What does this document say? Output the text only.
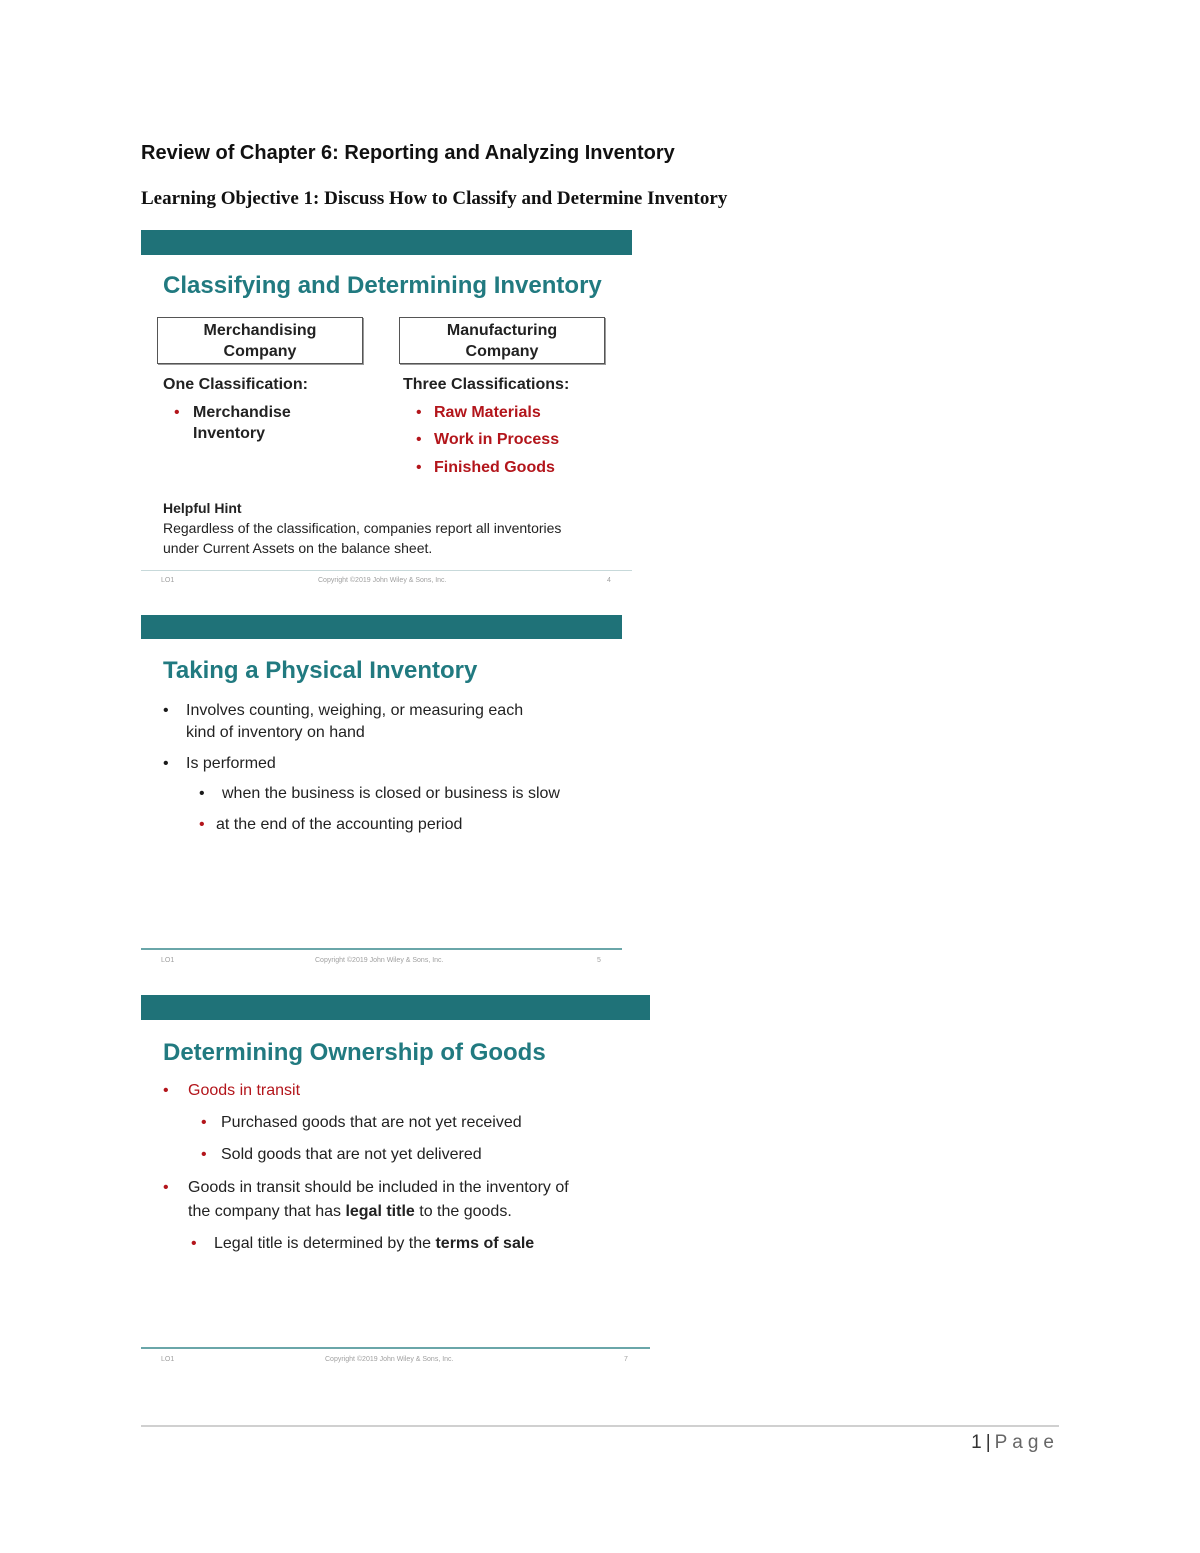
Review of Chapter 6: Reporting and Analyzing Inventory
Learning Objective 1: Discuss How to Classify and Determine Inventory
Classifying and Determining Inventory
Merchandising
Company
Manufacturing
Company
One Classification:
• Merchandise
Inventory
Three Classifications:
• Raw Materials
• Work in Process
• Finished Goods
Helpful Hint
Regardless of the classification, companies report all inventories
under Current Assets on the balance sheet.
LO1	Copyright ©2019 John Wiley & Sons, Inc.	4
Taking a Physical Inventory
• Involves counting, weighing, or measuring each
kind of inventory on hand
• Is performed
• when the business is closed or business is slow
• at the end of the accounting period
LO1	Copyright ©2019 John Wiley & Sons, Inc.	5
Determining Ownership of Goods
• Goods in transit
• Purchased goods that are not yet received
• Sold goods that are not yet delivered
• Goods in transit should be included in the inventory of
the company that has legal title to the goods.
• Legal title is determined by the terms of sale
LO1	Copyright ©2019 John Wiley & Sons, Inc.	7
1 | Page
